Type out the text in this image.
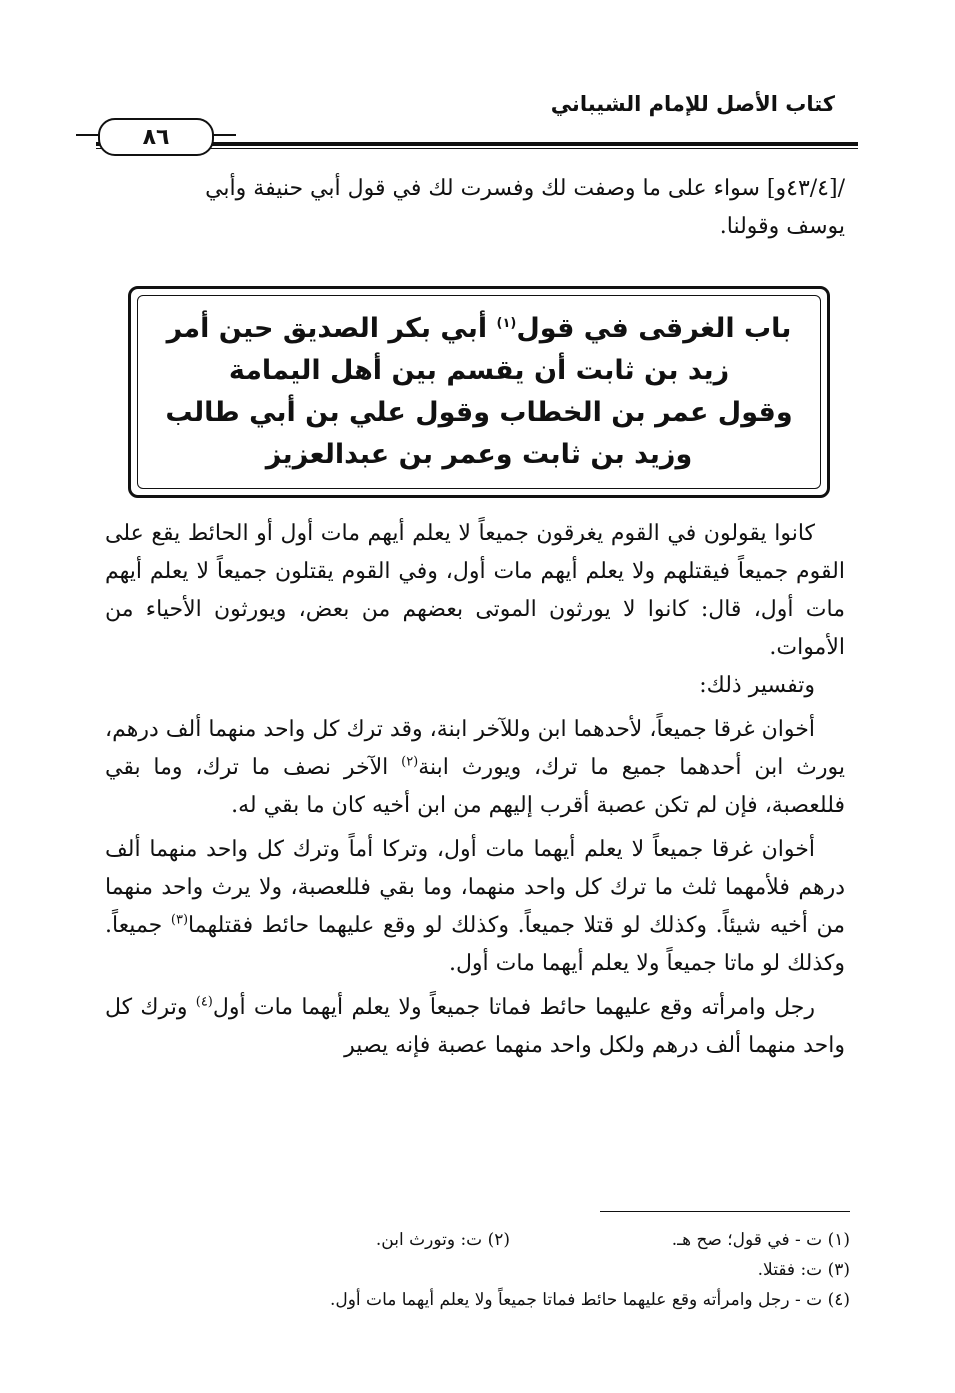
كتاب الأصل للإمام الشيباني
٨٦

/[٤٣/٤و] سواء على ما وصفت لك وفسرت لك في قول أبي حنيفة وأبي

يوسف وقولنا.

باب الغرقى في قول$^{(١)}$ أبي بكر الصديق حين أمر
زيد بن ثابت أن يقسم بين أهل اليمامة
وقول عمر بن الخطاب وقول علي بن أبي طالب
وزيد بن ثابت وعمر بن عبدالعزيز

كانوا يقولون في القوم يغرقون جميعاً لا يعلم أيهم مات أول أو الحائط يقع على القوم جميعاً فيقتلهم ولا يعلم أيهم مات أول، وفي القوم يقتلون جميعاً لا يعلم أيهم مات أول، قال: كانوا لا يورثون الموتى بعضهم من بعض، ويورثون الأحياء من الأموات.

وتفسير ذلك:

أخوان غرقا جميعاً، لأحدهما ابن وللآخر ابنة، وقد ترك كل واحد منهما ألف درهم، يورث ابن أحدهما جميع ما ترك، ويورث ابنة$^{(٢)}$ الآخر نصف ما ترك، وما بقي فللعصبة، فإن لم تكن عصبة أقرب إليهم من ابن أخيه كان ما بقي له.

أخوان غرقا جميعاً لا يعلم أيهما مات أول، وتركا أماً وترك كل واحد منهما ألف درهم فلأمهما ثلث ما ترك كل واحد منهما، وما بقي فللعصبة، ولا يرث واحد منهما من أخيه شيئاً. وكذلك لو قتلا جميعاً. وكذلك لو وقع عليهما حائط فقتلهما$^{(٣)}$ جميعاً. وكذلك لو ماتا جميعاً ولا يعلم أيهما مات أول.

رجل وامرأته وقع عليهما حائط فماتا جميعاً ولا يعلم أيهما مات أول$^{(٤)}$ وترك كل واحد منهما ألف درهم ولكل واحد منهما عصبة فإنه يصير

(١) ت - في قول؛ صح هـ.
(٢) ت: وتورث ابن.
(٣) ت: فقتلا.
(٤) ت - رجل وامرأته وقع عليهما حائط فماتا جميعاً ولا يعلم أيهما مات أول.
